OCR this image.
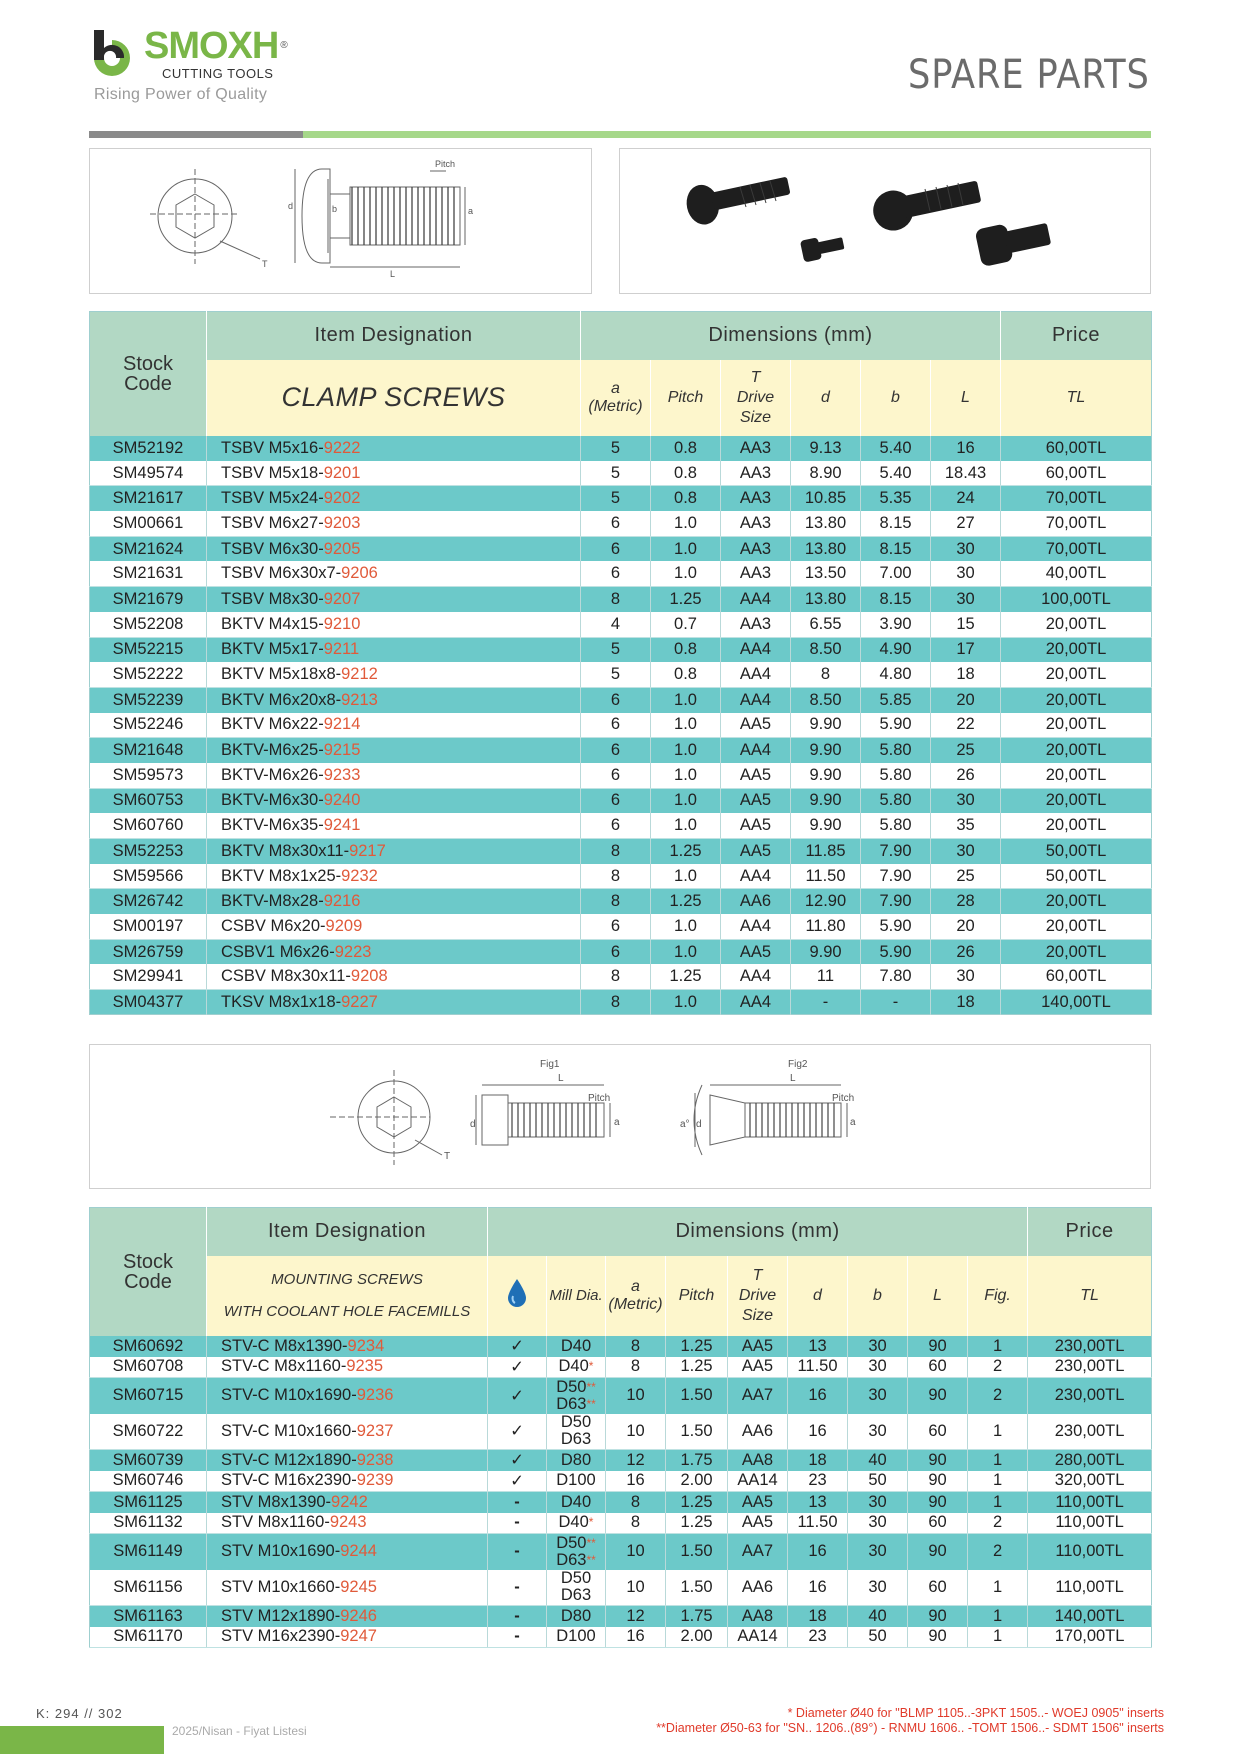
SMOXH ®
CUTTING TOOLS
Rising Power of Quality	SPARE PARTS
Pitch
d	b	a
L
T
Stock Code	Item Designation	Dimensions (mm)						Price
	CLAMP SCREWS	a
(Metric)	Pitch	T
Drive
Size	d	b	L	TL
SM52192	TSBV M5x16-9222	5	0.8	AA3	9.13	5.40	16	60,00TL
SM49574	TSBV M5x18-9201	5	0.8	AA3	8.90	5.40	18.43	60,00TL
SM21617	TSBV M5x24-9202	5	0.8	AA3	10.85	5.35	24	70,00TL
SM00661	TSBV M6x27-9203	6	1.0	AA3	13.80	8.15	27	70,00TL
SM21624	TSBV M6x30-9205	6	1.0	AA3	13.80	8.15	30	70,00TL
SM21631	TSBV M6x30x7-9206	6	1.0	AA3	13.50	7.00	30	40,00TL
SM21679	TSBV M8x30-9207	8	1.25	AA4	13.80	8.15	30	100,00TL
SM52208	BKTV M4x15-9210	4	0.7	AA3	6.55	3.90	15	20,00TL
SM52215	BKTV M5x17-9211	5	0.8	AA4	8.50	4.90	17	20,00TL
SM52222	BKTV M5x18x8-9212	5	0.8	AA4	8	4.80	18	20,00TL
SM52239	BKTV M6x20x8-9213	6	1.0	AA4	8.50	5.85	20	20,00TL
SM52246	BKTV M6x22-9214	6	1.0	AA5	9.90	5.90	22	20,00TL
SM21648	BKTV-M6x25-9215	6	1.0	AA4	9.90	5.80	25	20,00TL
SM59573	BKTV-M6x26-9233	6	1.0	AA5	9.90	5.80	26	20,00TL
SM60753	BKTV-M6x30-9240	6	1.0	AA5	9.90	5.80	30	20,00TL
SM60760	BKTV-M6x35-9241	6	1.0	AA5	9.90	5.80	35	20,00TL
SM52253	BKTV M8x30x11-9217	8	1.25	AA5	11.85	7.90	30	50,00TL
SM59566	BKTV M8x1x25-9232	8	1.0	AA4	11.50	7.90	25	50,00TL
SM26742	BKTV-M8x28-9216	8	1.25	AA6	12.90	7.90	28	20,00TL
SM00197	CSBV M6x20-9209	6	1.0	AA4	11.80	5.90	20	20,00TL
SM26759	CSBV1 M6x26-9223	6	1.0	AA5	9.90	5.90	26	20,00TL
SM29941	CSBV M8x30x11-9208	8	1.25	AA4	11	7.80	30	60,00TL
SM04377	TKSV M8x1x18-9227	8	1.0	AA4	-	-	18	140,00TL
Fig1	Fig2
L	L
Pitch	Pitch
d	a	d	a
a°
T
Stock Code	Item Designation	Dimensions (mm)									Price
	MOUNTING SCREWS
WITH COOLANT HOLE FACEMILLS		Mill Dia.	a
(Metric)	Pitch	T
Drive
Size	d	b	L	Fig.	TL
SM60692	STV-C M8x1390-9234	✓	D40	8	1.25	AA5	13	30	90	1	230,00TL
SM60708	STV-C M8x1160-9235	✓	D40*	8	1.25	AA5	11.50	30	60	2	230,00TL
SM60715	STV-C M10x1690-9236	✓	D50**
D63**	10	1.50	AA7	16	30	90	2	230,00TL
SM60722	STV-C M10x1660-9237	✓	D50
D63	10	1.50	AA6	16	30	60	1	230,00TL
SM60739	STV-C M12x1890-9238	✓	D80	12	1.75	AA8	18	40	90	1	280,00TL
SM60746	STV-C M16x2390-9239	✓	D100	16	2.00	AA14	23	50	90	1	320,00TL
SM61125	STV M8x1390-9242	-	D40	8	1.25	AA5	13	30	90	1	110,00TL
SM61132	STV M8x1160-9243	-	D40*	8	1.25	AA5	11.50	30	60	2	110,00TL
SM61149	STV M10x1690-9244	-	D50**
D63**	10	1.50	AA7	16	30	90	2	110,00TL
SM61156	STV M10x1660-9245	-	D50
D63	10	1.50	AA6	16	30	60	1	110,00TL
SM61163	STV M12x1890-9246	-	D80	12	1.75	AA8	18	40	90	1	140,00TL
SM61170	STV M16x2390-9247	-	D100	16	2.00	AA14	23	50	90	1	170,00TL
K: 294 // 302
2025/Nisan - Fiyat Listesi
* Diameter Ø40 for "BLMP 1105..-3PKT 1505..- WOEJ 0905" inserts
**Diameter Ø50-63 for "SN.. 1206..(89°) - RNMU 1606.. -TOMT 1506..- SDMT 1506" inserts
